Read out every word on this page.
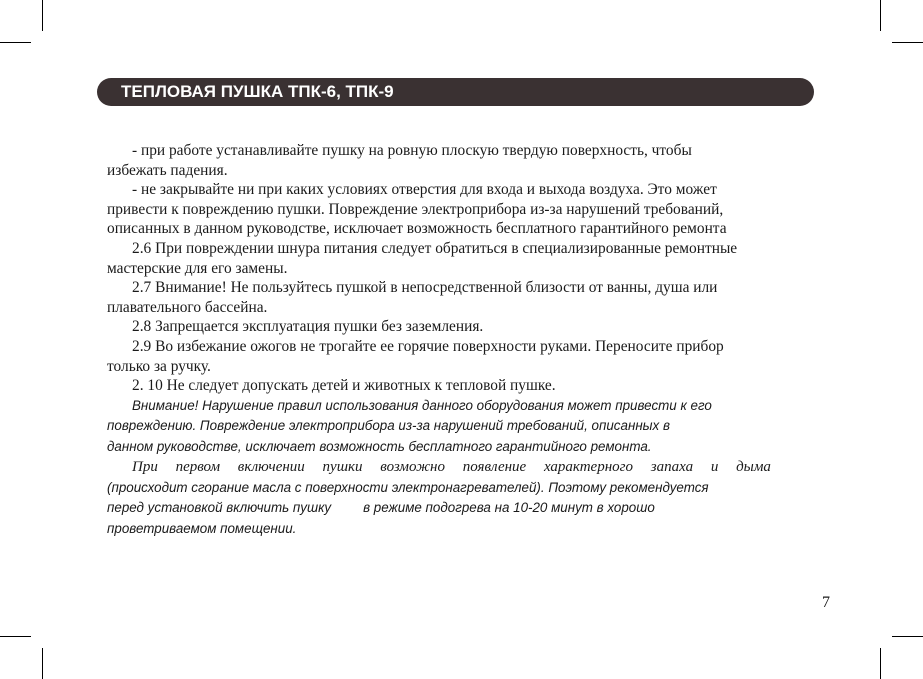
ТЕПЛОВАЯ ПУШКА ТПК-6, ТПК-9

- при работе устанавливайте пушку на ровную плоскую твердую поверхность, чтобы

избежать падения.

- не закрывайте ни при каких условиях отверстия для входа и выхода воздуха. Это может

привести к повреждению пушки. Повреждение электроприбора из-за нарушений требований,

описанных в данном руководстве, исключает возможность бесплатного гарантийного ремонта

2.6 При повреждении шнура питания следует обратиться в специализированные ремонтные

мастерские для его замены.

2.7 Внимание! Не пользуйтесь пушкой в непосредственной близости от ванны, душа или

плавательного бассейна.

2.8 Запрещается эксплуатация пушки без заземления.

2.9 Во избежание ожогов не трогайте ее горячие поверхности руками. Переносите прибор

только за ручку.

2. 10 Не следует допускать детей и животных к тепловой пушке.

Внимание! Нарушение правил использования данного оборудования может привести к его

повреждению. Повреждение электроприбора из-за нарушений требований, описанных в

данном руководстве, исключает возможность бесплатного гарантийного ремонта.

При первом включении пушки возможно появление характерного запаха и дыма

(происходит сгорание масла с поверхности электронагревателей). Поэтому рекомендуется

перед установкой включить пушку в режиме подогрева на 10-20 минут в хорошо

проветриваемом помещении.

7
